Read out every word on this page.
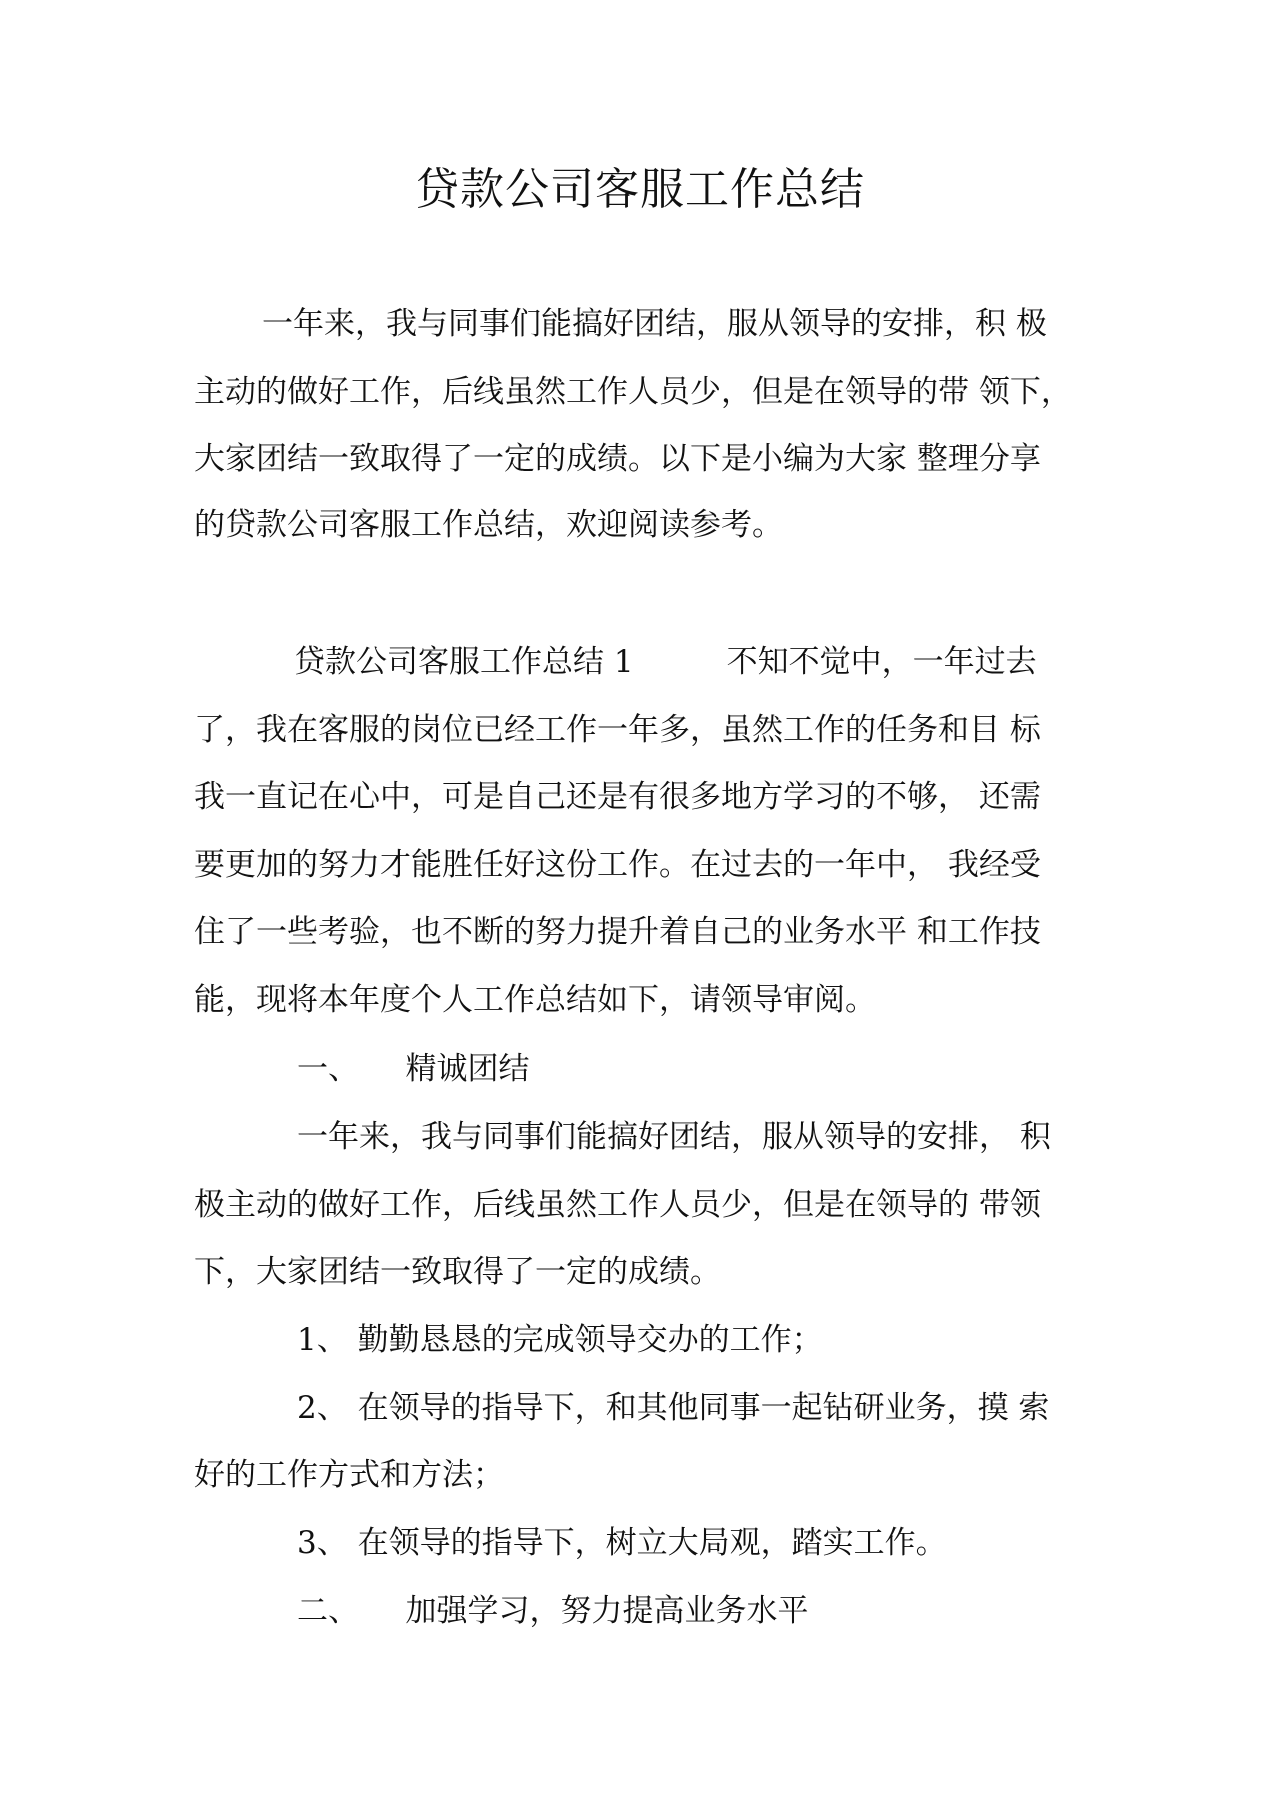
贷款公司客服工作总结

一年来，我与同事们能搞好团结，服从领导的安排，积 极

主动的做好工作，后线虽然工作人员少，但是在领导的带 领下，

大家团结一致取得了一定的成绩。以下是小编为大家 整理分享

的贷款公司客服工作总结，欢迎阅读参考。

贷款公司客服工作总结 1　　　不知不觉中，一年过去

了，我在客服的岗位已经工作一年多，虽然工作的任务和目 标

我一直记在心中，可是自己还是有很多地方学习的不够， 还需

要更加的努力才能胜任好这份工作。在过去的一年中， 我经受

住了一些考验，也不断的努力提升着自己的业务水平 和工作技

能，现将本年度个人工作总结如下，请领导审阅。

一、　　精诚团结

一年来，我与同事们能搞好团结，服从领导的安排， 积

极主动的做好工作，后线虽然工作人员少，但是在领导的 带领

下，大家团结一致取得了一定的成绩。

1、 勤勤恳恳的完成领导交办的工作；

2、 在领导的指导下，和其他同事一起钻研业务，摸 索

好的工作方式和方法；

3、 在领导的指导下，树立大局观，踏实工作。

二、　　加强学习，努力提高业务水平
